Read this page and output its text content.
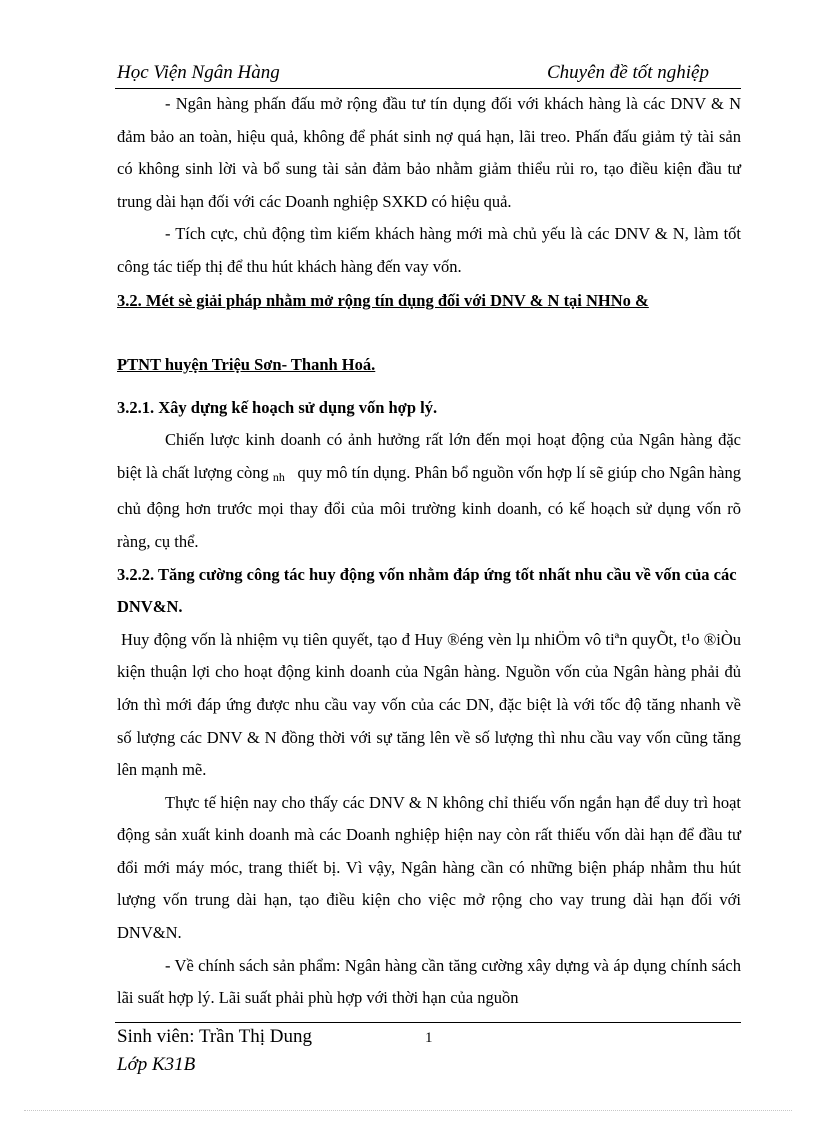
Học Viện Ngân Hàng	Chuyên đề tốt nghiệp

- Ngân hàng phấn đấu mở rộng đầu tư tín dụng đối với khách hàng là các DNV & N đảm bảo an toàn, hiệu quả, không để phát sinh nợ quá hạn, lãi treo. Phấn đấu giảm tỷ tài sản có không sinh lời và bổ sung tài sản đảm bảo nhằm giảm thiểu rủi ro, tạo điều kiện đầu tư trung dài hạn đối với các Doanh nghiệp SXKD có hiệu quả.

- Tích cực, chủ động tìm kiếm khách hàng mới mà chủ yếu là các DNV & N, làm tốt công tác tiếp thị để thu hút khách hàng đến vay vốn.

3.2. Mét sè giải pháp nhằm mở rộng tín dụng đối với DNV & N tại NHNo &
PTNT huyện Triệu Sơn- Thanh Hoá.

3.2.1. Xây dựng kế hoạch sử dụng vốn hợp lý.

Chiến lược kinh doanh có ảnh hưởng rất lớn đến mọi hoạt động của Ngân hàng đặc biệt là chất lượng còng nh quy mô tín dụng. Phân bổ nguồn vốn hợp lí sẽ giúp cho Ngân hàng chủ động hơn trước mọi thay đổi của môi trường kinh doanh, có kế hoạch sử dụng vốn rõ ràng, cụ thể.

3.2.2. Tăng cường công tác huy động vốn nhằm đáp ứng tốt nhất nhu cầu về vốn của các DNV&N.

Huy động vốn là nhiệm vụ tiên quyết, tạo đ Huy ®éng vèn lµ nhiÖm vô tiªn quyÕt, t¹o ®iÒu kiện thuận lợi cho hoạt động kinh doanh của Ngân hàng. Nguồn vốn của Ngân hàng phải đủ lớn thì mới đáp ứng được nhu cầu vay vốn của các DN, đặc biệt là với tốc độ tăng nhanh về số lượng các DNV & N đồng thời với sự tăng lên về số lượng thì nhu cầu vay vốn cũng tăng lên mạnh mẽ.

Thực tế hiện nay cho thấy các DNV & N không chỉ thiếu vốn ngắn hạn để duy trì hoạt động sản xuất kinh doanh mà các Doanh nghiệp hiện nay còn rất thiếu vốn dài hạn để đầu tư đổi mới máy móc, trang thiết bị. Vì vậy, Ngân hàng cần có những biện pháp nhằm thu hút lượng vốn trung dài hạn, tạo điều kiện cho việc mở rộng cho vay trung dài hạn đối với DNV&N.

- Về chính sách sản phẩm: Ngân hàng cần tăng cường xây dựng và áp dụng chính sách lãi suất hợp lý. Lãi suất phải phù hợp với thời hạn của nguồn

Sinh viên: Trần Thị Dung	1
Lớp K31B
